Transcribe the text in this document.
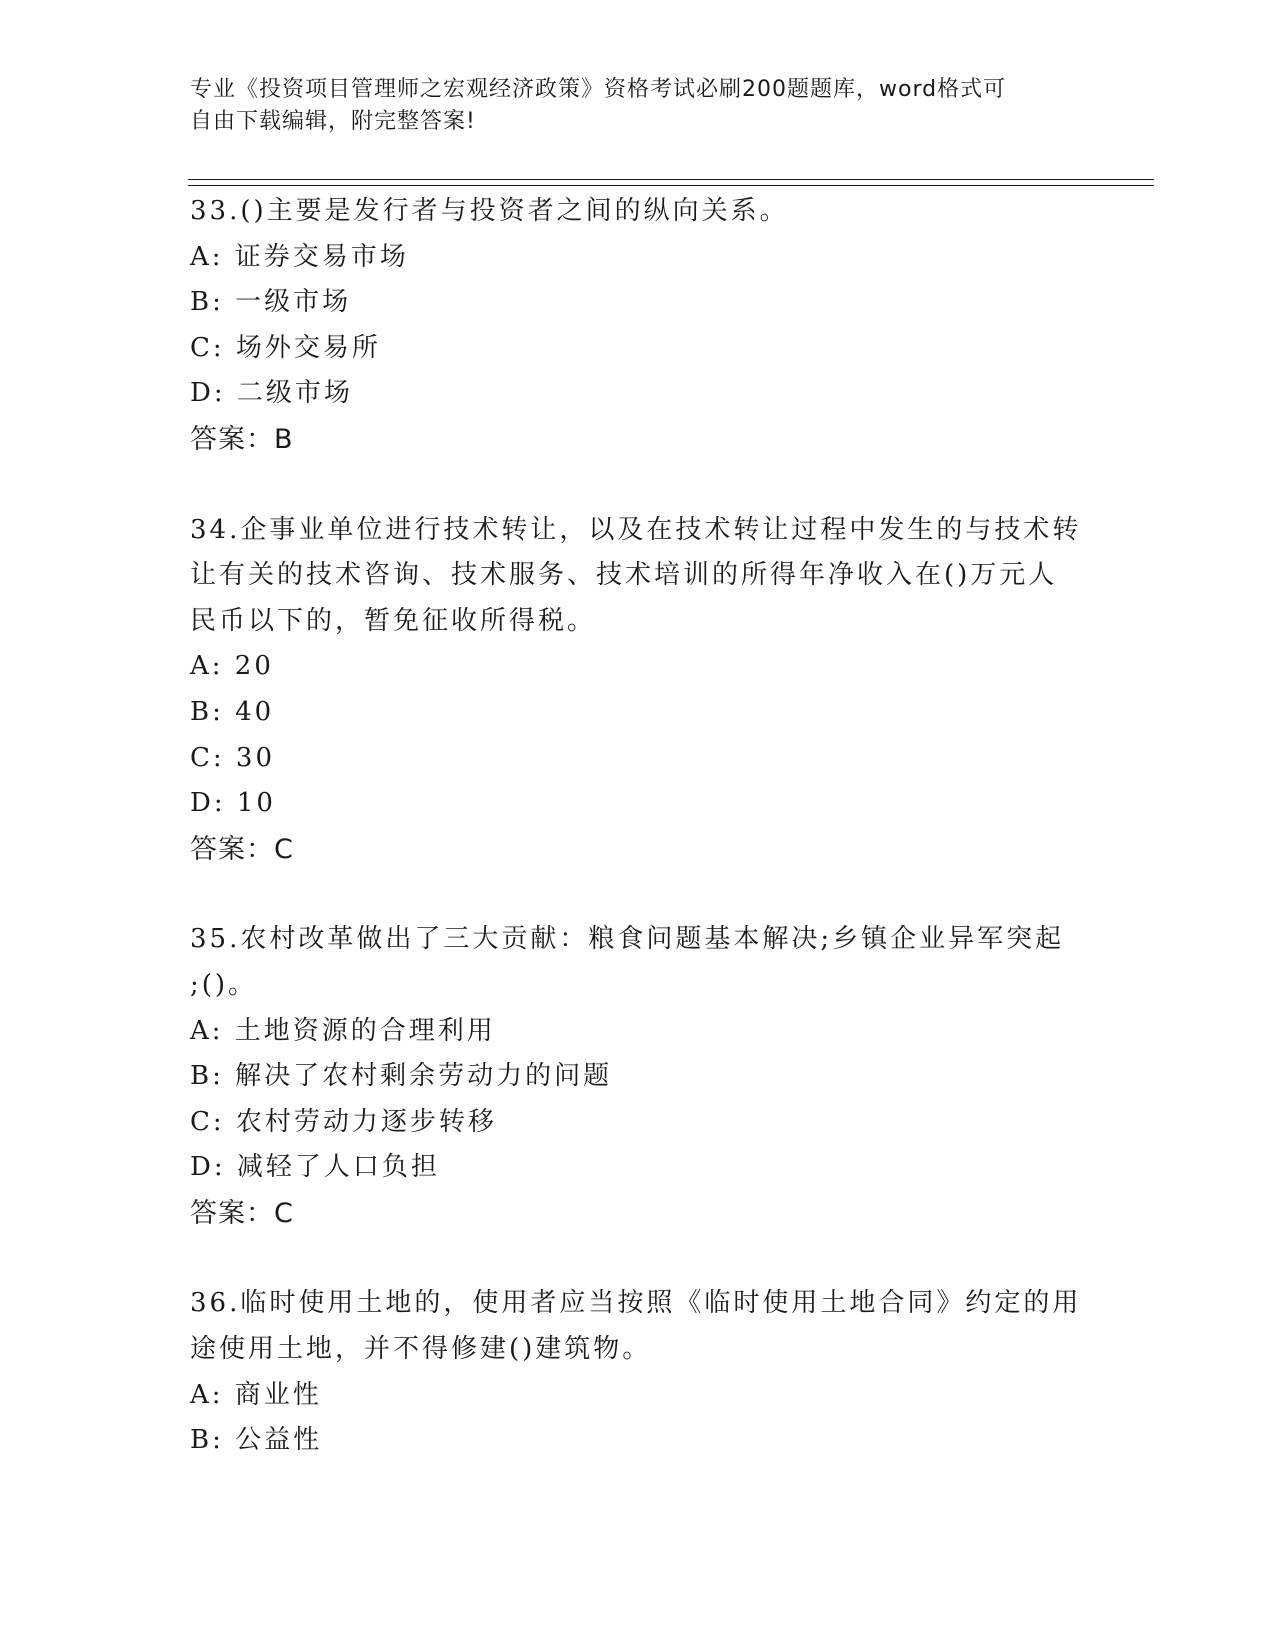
专业《投资项目管理师之宏观经济政策》资格考试必刷200题题库，word格式可
自由下载编辑，附完整答案!

33.()主要是发行者与投资者之间的纵向关系。

A: 证券交易市场

B: 一级市场

C: 场外交易所

D: 二级市场

答案：B

34.企事业单位进行技术转让，以及在技术转让过程中发生的与技术转

让有关的技术咨询、技术服务、技术培训的所得年净收入在()万元人

民币以下的，暂免征收所得税。

A: 20

B: 40

C: 30

D: 10

答案：C

35.农村改革做出了三大贡献：粮食问题基本解决;乡镇企业异军突起

;()。

A: 土地资源的合理利用

B: 解决了农村剩余劳动力的问题

C: 农村劳动力逐步转移

D: 减轻了人口负担

答案：C

36.临时使用土地的，使用者应当按照《临时使用土地合同》约定的用

途使用土地，并不得修建()建筑物。

A: 商业性

B: 公益性
